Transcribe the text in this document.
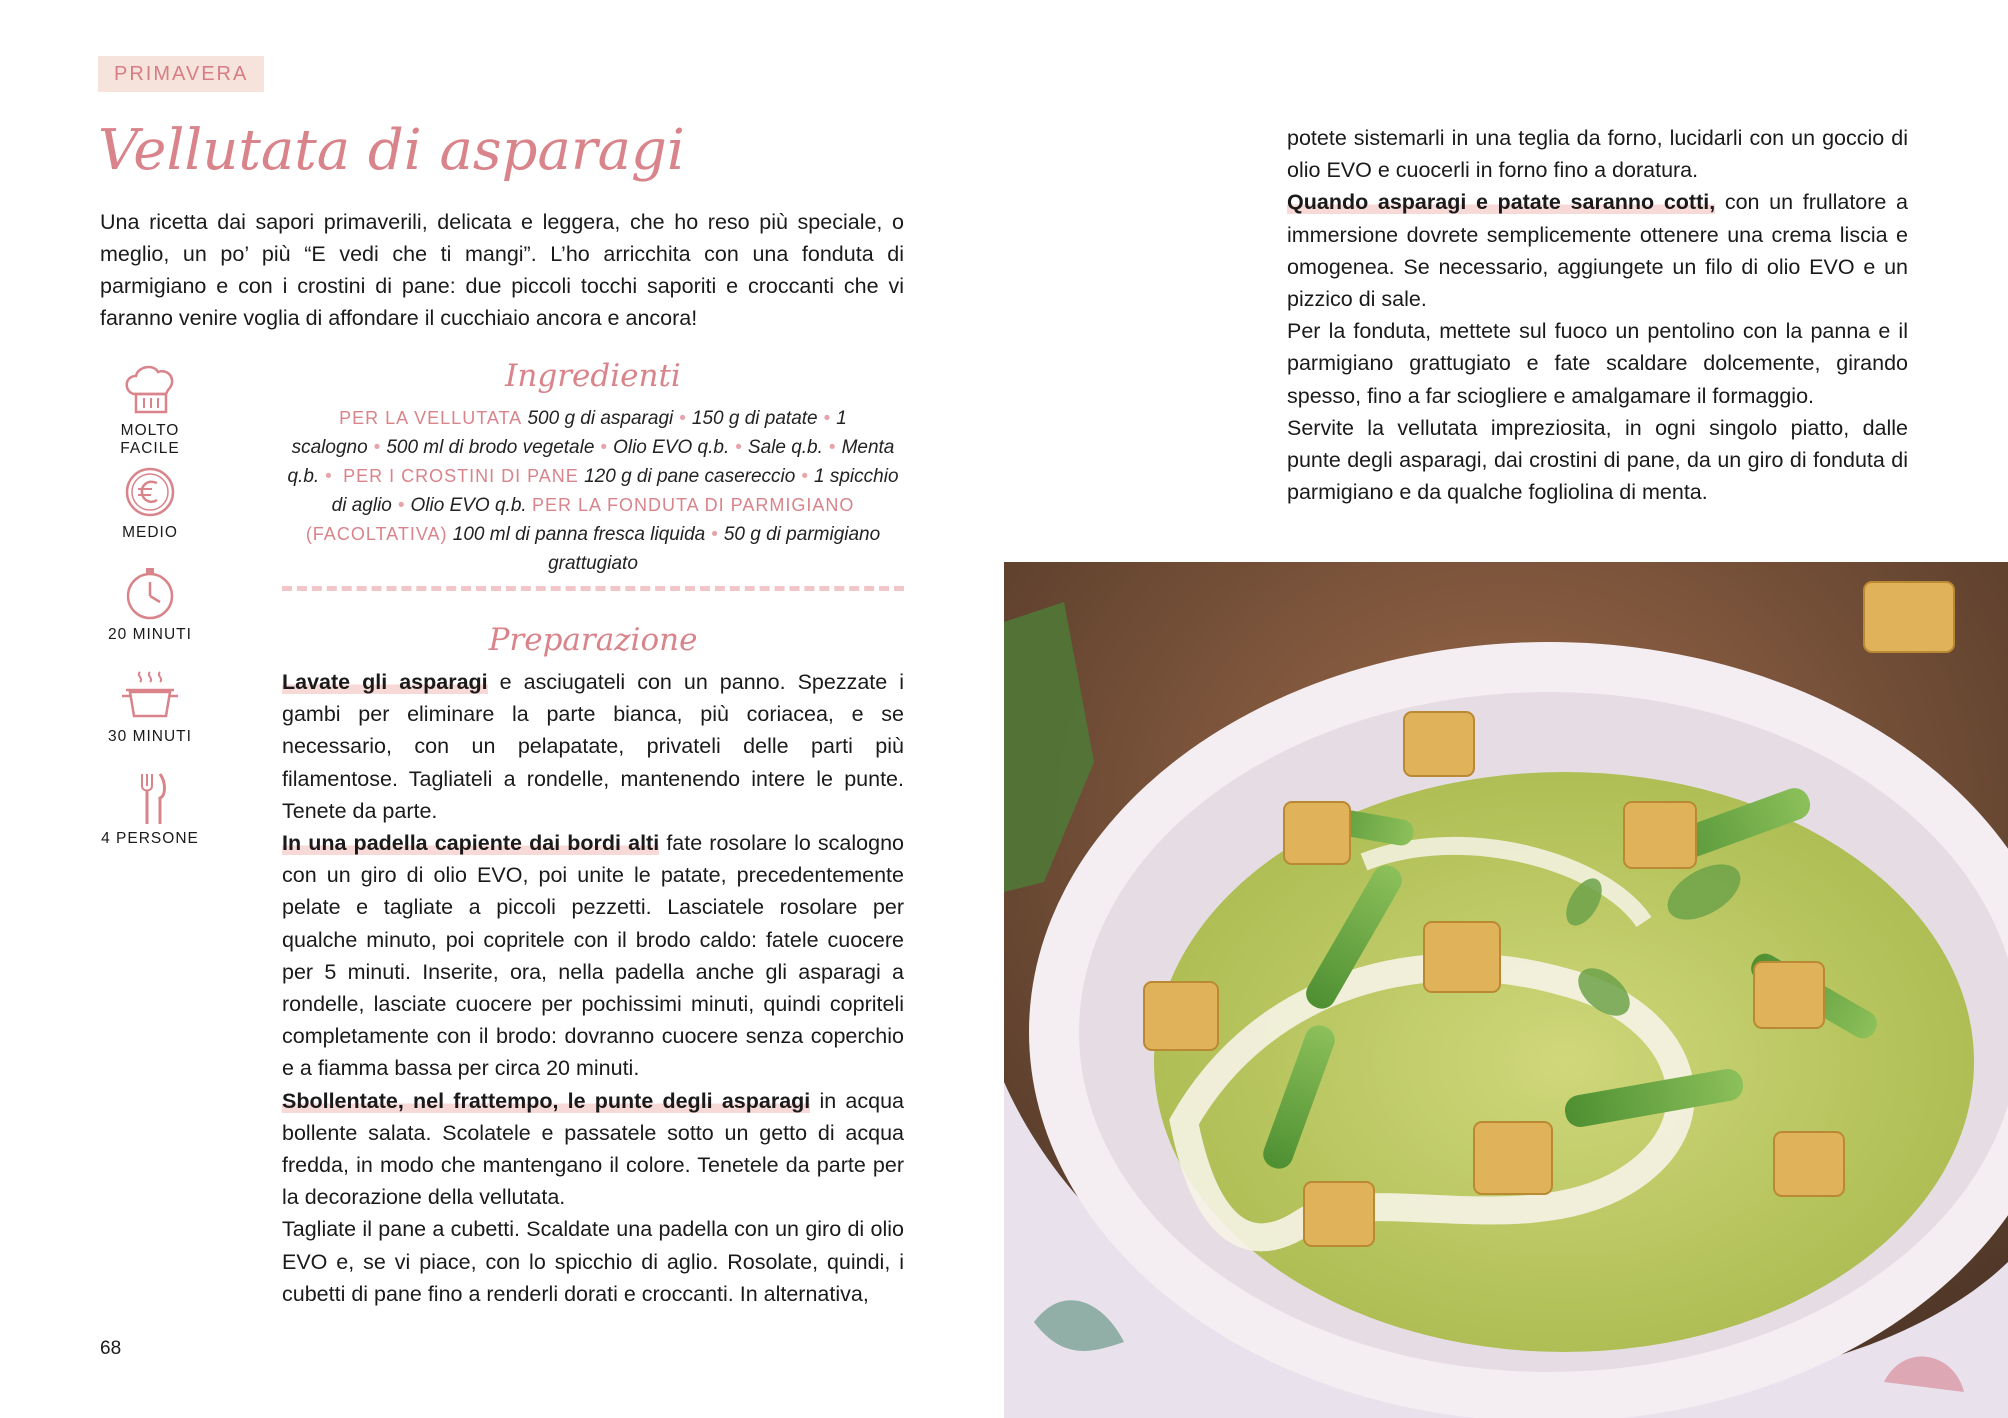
PRIMAVERA
Vellutata di asparagi
Una ricetta dai sapori primaverili, delicata e leggera, che ho reso più speciale, o meglio, un po’ più “E vedi che ti mangi”. L’ho arricchita con una fonduta di parmigiano e con i crostini di pane: due piccoli tocchi saporiti e croccanti che vi faranno venire voglia di affondare il cucchiaio ancora e ancora!
MOLTO FACILE
MEDIO
20 MINUTI
30 MINUTI
4 PERSONE
Ingredienti
PER LA VELLUTATA 500 g di asparagi • 150 g di patate • 1 scalogno • 500 ml di brodo vegetale • Olio EVO q.b. • Sale q.b. • Menta q.b. • PER I CROSTINI DI PANE 120 g di pane casereccio • 1 spicchio di aglio • Olio EVO q.b. PER LA FONDUTA DI PARMIGIANO (FACOLTATIVA) 100 ml di panna fresca liquida • 50 g di parmigiano grattugiato
Preparazione

Lavate gli asparagi e asciugateli con un panno. Spezzate i gambi per eliminare la parte bianca, più coriacea, e se necessario, con un pelapatate, privateli delle parti più filamentose. Tagliateli a rondelle, mantenendo intere le punte. Tenete da parte.

In una padella capiente dai bordi alti fate rosolare lo scalogno con un giro di olio EVO, poi unite le patate, precedentemente pelate e tagliate a piccoli pezzetti. Lasciatele rosolare per qualche minuto, poi copritele con il brodo caldo: fatele cuocere per 5 minuti. Inserite, ora, nella padella anche gli asparagi a rondelle, lasciate cuocere per pochissimi minuti, quindi copriteli completamente con il brodo: dovranno cuocere senza coperchio e a fiamma bassa per circa 20 minuti.

Sbollentate, nel frattempo, le punte degli asparagi in acqua bollente salata. Scolatele e passatele sotto un getto di acqua fredda, in modo che mantengano il colore. Tenetele da parte per la decorazione della vellutata.

Tagliate il pane a cubetti. Scaldate una padella con un giro di olio EVO e, se vi piace, con lo spicchio di aglio. Rosolate, quindi, i cubetti di pane fino a renderli dorati e croccanti. In alternativa,

potete sistemarli in una teglia da forno, lucidarli con un goccio di olio EVO e cuocerli in forno fino a doratura.

Quando asparagi e patate saranno cotti, con un frullatore a immersione dovrete semplicemente ottenere una crema liscia e omogenea. Se necessario, aggiungete un filo di olio EVO e un pizzico di sale.

Per la fonduta, mettete sul fuoco un pentolino con la panna e il parmigiano grattugiato e fate scaldare dolcemente, girando spesso, fino a far sciogliere e amalgamare il formaggio.

Servite la vellutata impreziosita, in ogni singolo piatto, dalle punte degli asparagi, dai crostini di pane, da un giro di fonduta di parmigiano e da qualche fogliolina di menta.

68
